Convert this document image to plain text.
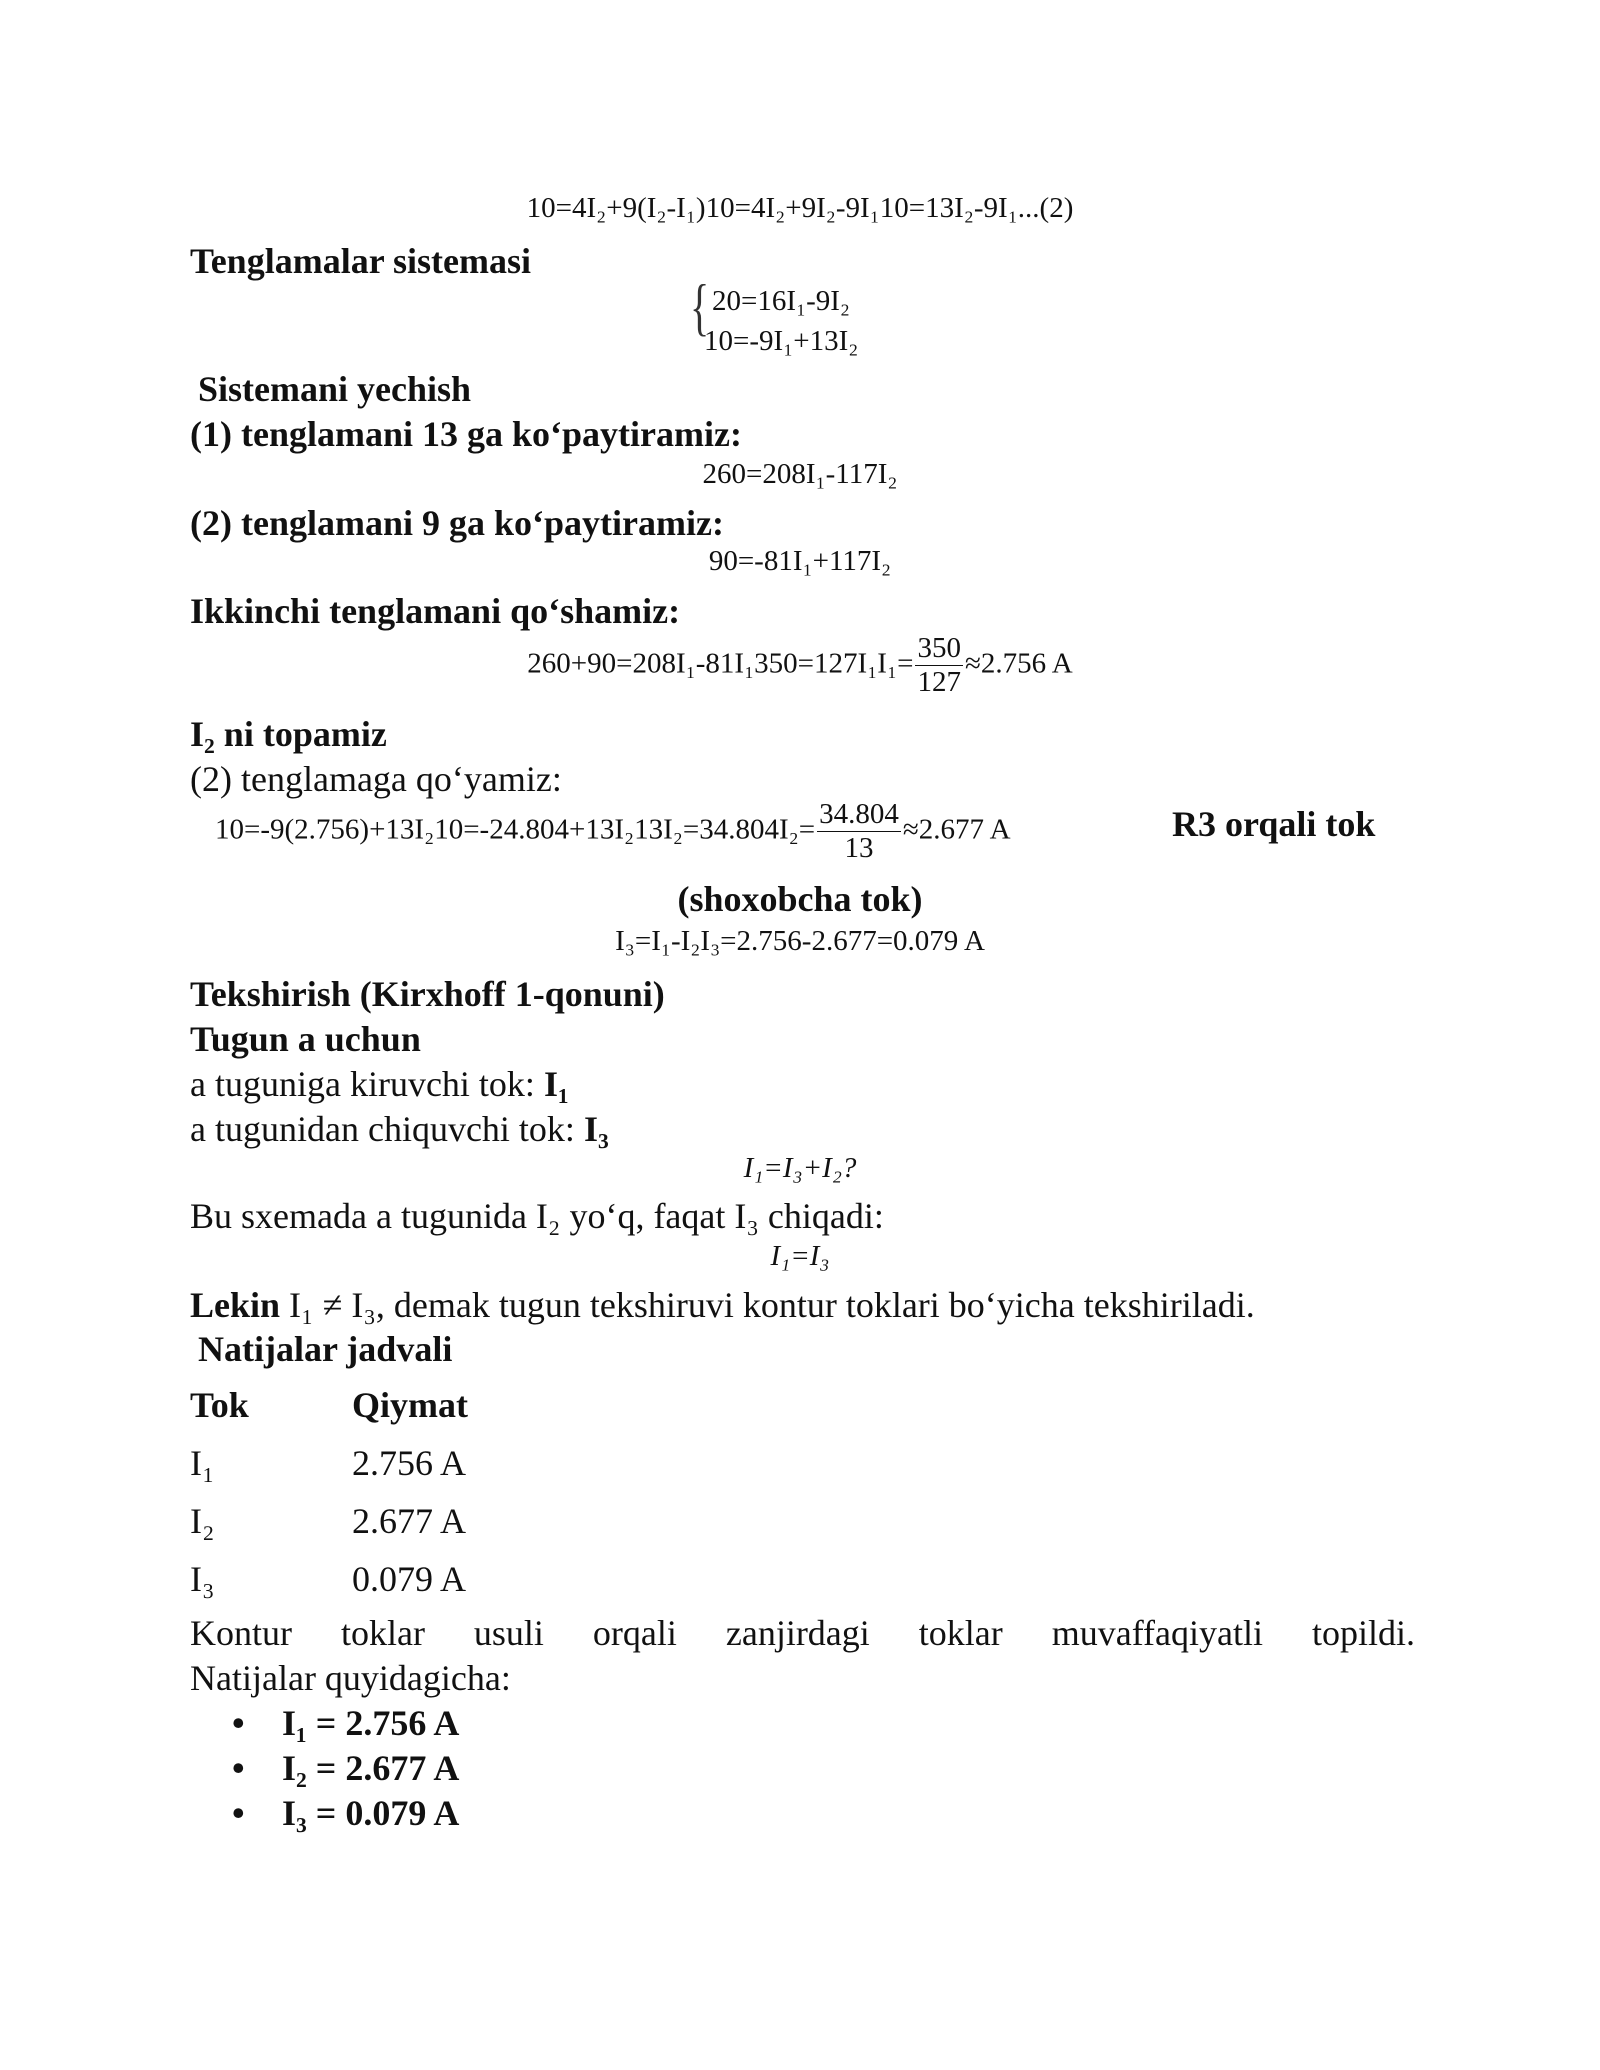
10=4I₂+9(I₂-I₁)10=4I₂+9I₂-9I₁10=13I₂-9I₁...(2)
Tenglamalar sistemasi
{ 20=16I₁-9I₂
10=-9I₁+13I₂
Sistemani yechish
(1) tenglamani 13 ga ko‘paytiramiz:
260=208I₁-117I₂
(2) tenglamani 9 ga ko‘paytiramiz:
90=-81I₁+117I₂
Ikkinchi tenglamani qo‘shamiz:
$260+90=208I_1-81I_1350=127I_1I_1= \frac{350}{127} \approx 2.756$ A
I₂ ni topamiz
(2) tenglamaga qo‘yamiz:
$10=-9(2.756)+13I_210=-24.804+13I_213I_2=34.804I_2= \frac{34.804}{13} \approx 2.677$ A	R3 orqali tok
(shoxobcha tok)
I₃=I₁-I₂I₃=2.756-2.677=0.079 A
Tekshirish (Kirxhoff 1-qonuni)
Tugun a uchun
a tuguniga kiruvchi tok: I₁
a tugunidan chiquvchi tok: I₃
I₁=I₃+I₂?
Bu sxemada a tugunida I₂ yo‘q, faqat I₃ chiqadi:
I₁=I₃
Lekin I₁ ≠ I₃, demak tugun tekshiruvi kontur toklari bo‘yicha tekshiriladi.
Natijalar jadvali
Tok	Qiymat
I₁	2.756 A
I₂	2.677 A
I₃	0.079 A
Kontur toklar usuli orqali zanjirdagi toklar muvaffaqiyatli topildi.
Natijalar quyidagicha:
• I₁ = 2.756 A
• I₂ = 2.677 A
• I₃ = 0.079 A
